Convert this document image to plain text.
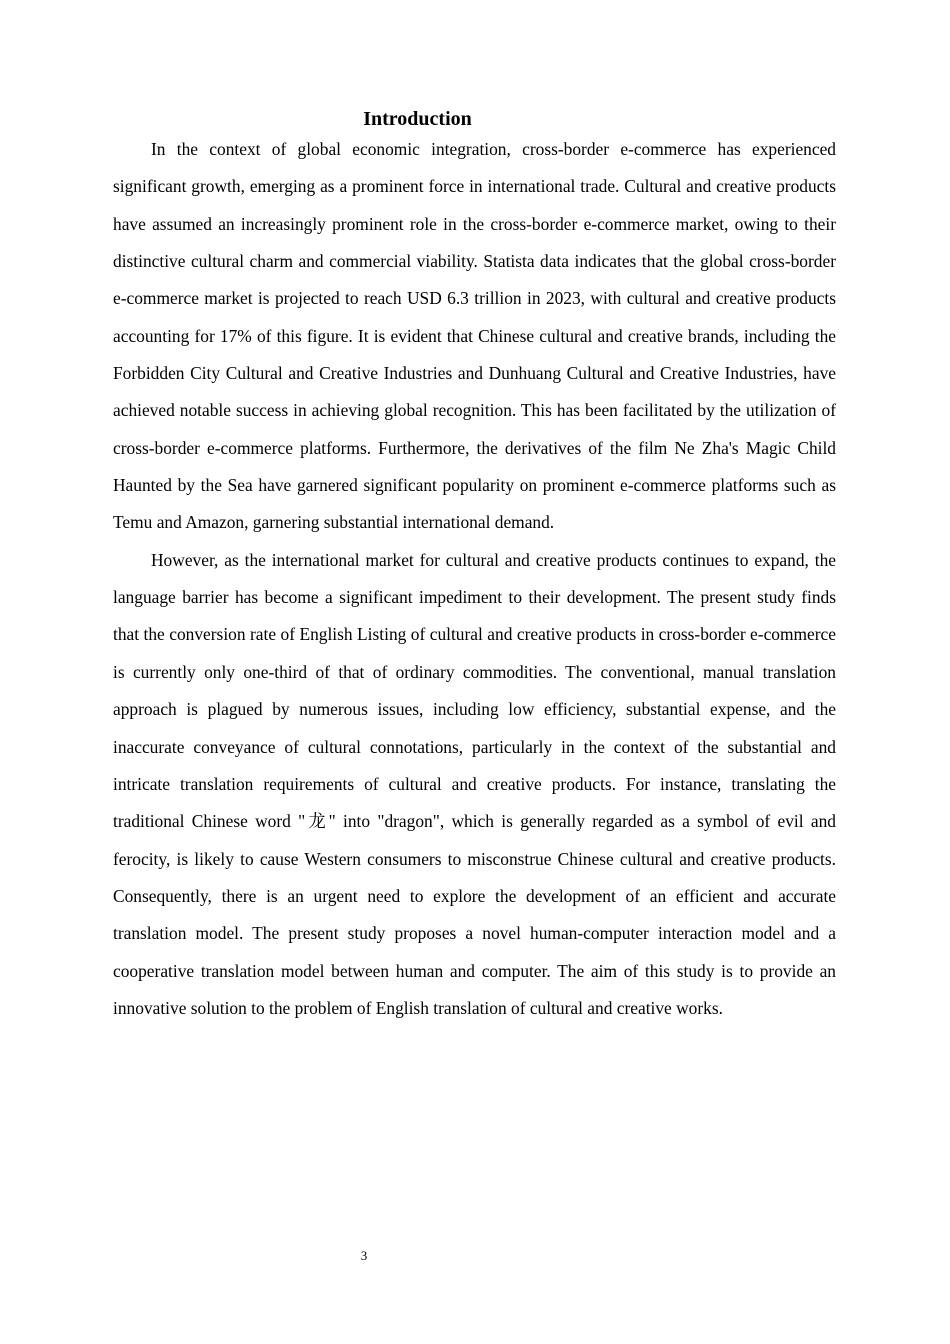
Introduction

In the context of global economic integration, cross-border e-commerce has experienced significant growth, emerging as a prominent force in international trade. Cultural and creative products have assumed an increasingly prominent role in the cross-border e-commerce market, owing to their distinctive cultural charm and commercial viability. Statista data indicates that the global cross-border e-commerce market is projected to reach USD 6.3 trillion in 2023, with cultural and creative products accounting for 17% of this figure. It is evident that Chinese cultural and creative brands, including the Forbidden City Cultural and Creative Industries and Dunhuang Cultural and Creative Industries, have achieved notable success in achieving global recognition. This has been facilitated by the utilization of cross-border e-commerce platforms. Furthermore, the derivatives of the film Ne Zha's Magic Child Haunted by the Sea have garnered significant popularity on prominent e-commerce platforms such as Temu and Amazon, garnering substantial international demand.

However, as the international market for cultural and creative products continues to expand, the language barrier has become a significant impediment to their development. The present study finds that the conversion rate of English Listing of cultural and creative products in cross-border e-commerce is currently only one-third of that of ordinary commodities. The conventional, manual translation approach is plagued by numerous issues, including low efficiency, substantial expense, and the inaccurate conveyance of cultural connotations, particularly in the context of the substantial and intricate translation requirements of cultural and creative products. For instance, translating the traditional Chinese word "龙" into "dragon", which is generally regarded as a symbol of evil and ferocity, is likely to cause Western consumers to misconstrue Chinese cultural and creative products. Consequently, there is an urgent need to explore the development of an efficient and accurate translation model. The present study proposes a novel human-computer interaction model and a cooperative translation model between human and computer. The aim of this study is to provide an innovative solution to the problem of English translation of cultural and creative works.

3
